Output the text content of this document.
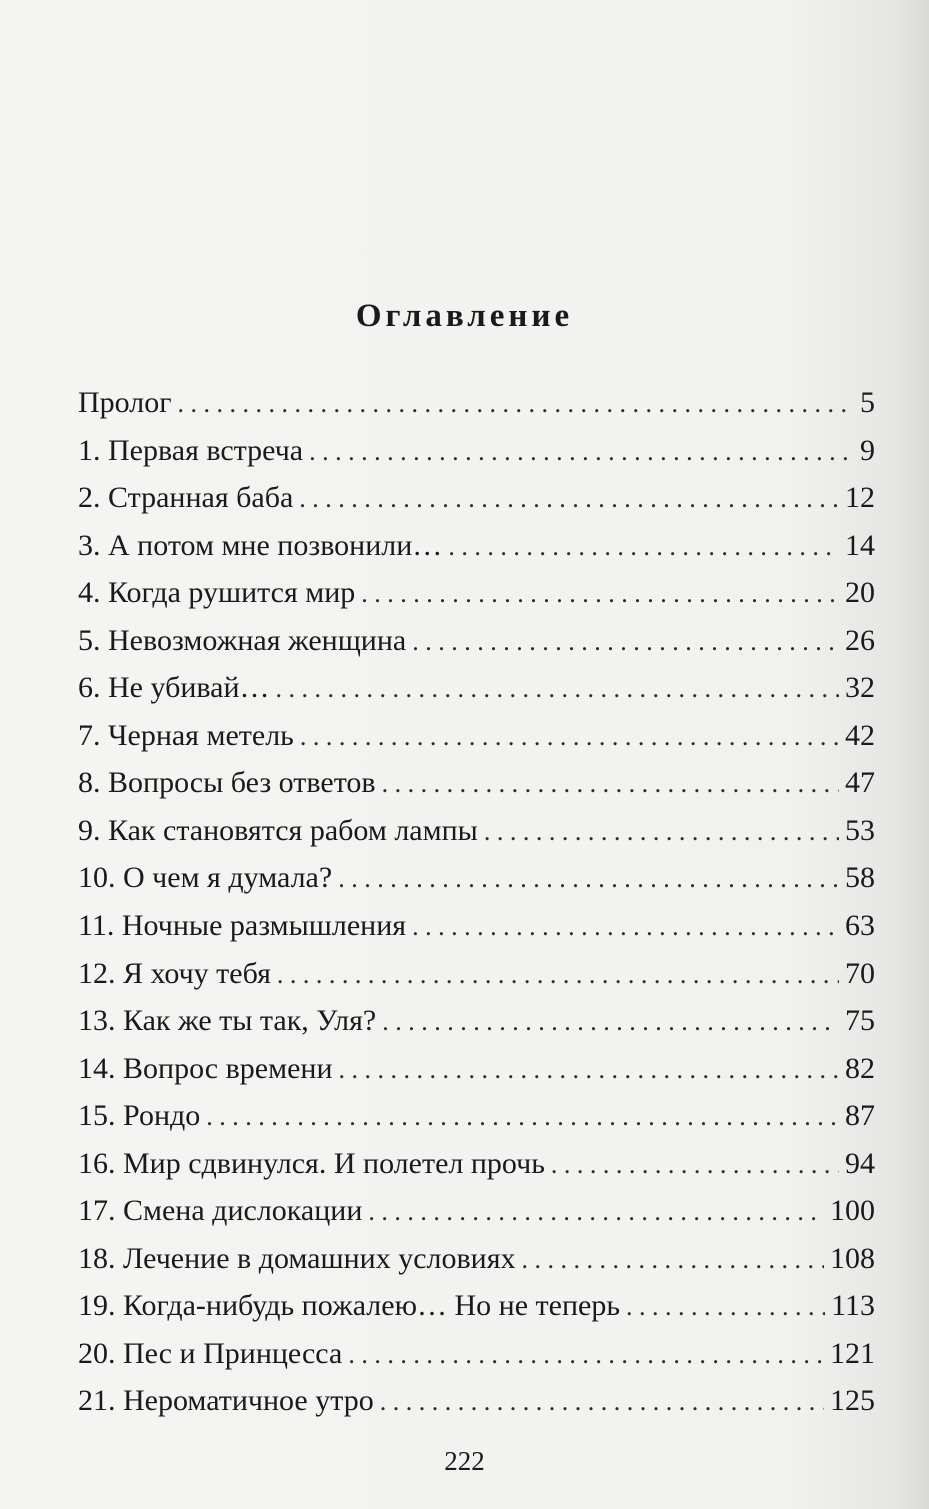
Оглавление
Пролог . . .	5
1. Первая встреча . . .	9
2. Странная баба . . .	12
3. А потом мне позвонили… . . .	14
4. Когда рушится мир . . .	20
5. Невозможная женщина . . .	26
6. Не убивай… . . .	32
7. Черная метель . . .	42
8. Вопросы без ответов . . .	47
9. Как становятся рабом лампы . . .	53
10. О чем я думала? . . .	58
11. Ночные размышления . . .	63
12. Я хочу тебя . . .	70
13. Как же ты так, Уля? . . .	75
14. Вопрос времени . . .	82
15. Рондо . . .	87
16. Мир сдвинулся. И полетел прочь . . .	94
17. Смена дислокации . . .	100
18. Лечение в домашних условиях . . .	108
19. Когда-нибудь пожалею… Но не теперь . . .	113
20. Пес и Принцесса . . .	121
21. Нероматичное утро . . .	125
222
